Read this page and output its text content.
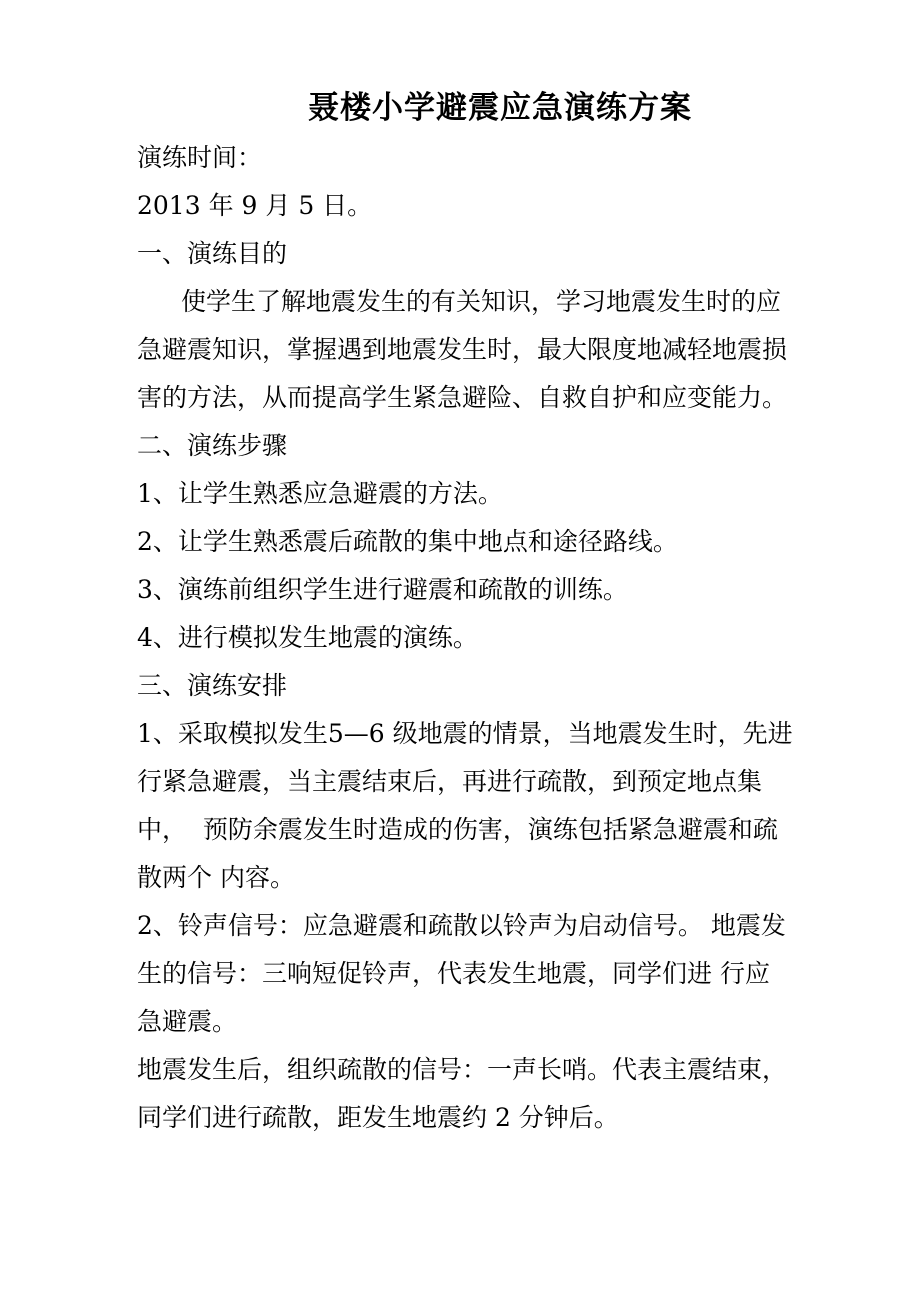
聂楼小学避震应急演练方案
演练时间：
2013 年 9 月 5 日。
一、演练目的
使学生了解地震发生的有关知识，学习地震发生时的应
急避震知识，掌握遇到地震发生时，最大限度地减轻地震损
害的方法，从而提高学生紧急避险、自救自护和应变能力。
二、演练步骤
1、让学生熟悉应急避震的方法。
2、让学生熟悉震后疏散的集中地点和途径路线。
3、演练前组织学生进行避震和疏散的训练。
4、进行模拟发生地震的演练。
三、演练安排
1、采取模拟发生5—6 级地震的情景，当地震发生时，先进
行紧急避震，当主震结束后，再进行疏散，到预定地点集
中，  预防余震发生时造成的伤害，演练包括紧急避震和疏
散两个 内容。
2、铃声信号：应急避震和疏散以铃声为启动信号。 地震发
生的信号：三响短促铃声，代表发生地震，同学们进 行应
急避震。
地震发生后，组织疏散的信号：一声长哨。代表主震结束，
同学们进行疏散，距发生地震约 2 分钟后。
